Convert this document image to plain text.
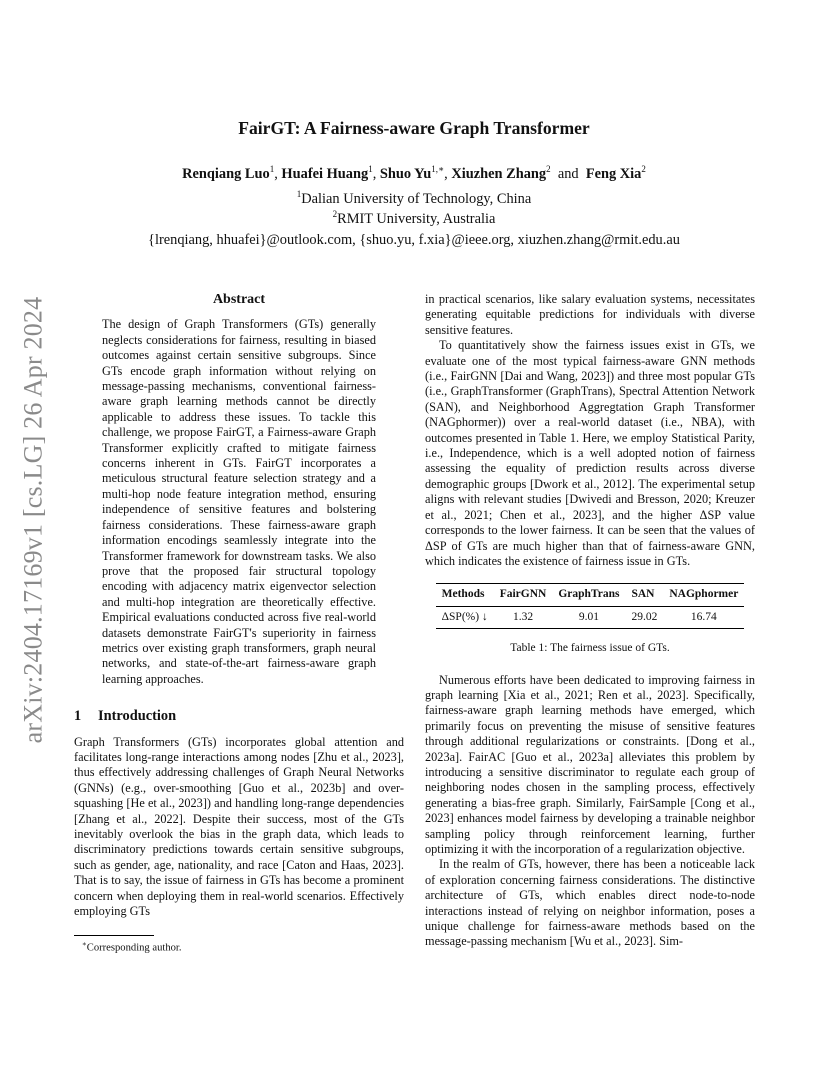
arXiv:2404.17169v1 [cs.LG] 26 Apr 2024
FairGT: A Fairness-aware Graph Transformer
Renqiang Luo$^1$, Huafei Huang$^1$, Shuo $Yu^{1,∗}$, Xiuzhen Zhang$^2$ and Feng Xia$^2$
$^1$Dalian University of Technology, China
$^2$RMIT University, Australia
{lrenqiang, hhuafei}@outlook.com, {shuo.yu, f.xia}@ieee.org, xiuzhen.zhang@rmit.edu.au

Abstract

The design of Graph Transformers (GTs) generally neglects considerations for fairness, resulting in biased outcomes against certain sensitive subgroups. Since GTs encode graph information without relying on message-passing mechanisms, conventional fairness-aware graph learning methods cannot be directly applicable to address these issues. To tackle this challenge, we propose FairGT, a Fairness-aware Graph Transformer explicitly crafted to mitigate fairness concerns inherent in GTs. FairGT incorporates a meticulous structural feature selection strategy and a multi-hop node feature integration method, ensuring independence of sensitive features and bolstering fairness considerations. These fairness-aware graph information encodings seamlessly integrate into the Transformer framework for downstream tasks. We also prove that the proposed fair structural topology encoding with adjacency matrix eigenvector selection and multi-hop integration are theoretically effective. Empirical evaluations conducted across five real-world datasets demonstrate FairGT's superiority in fairness metrics over existing graph transformers, graph neural networks, and state-of-the-art fairness-aware graph learning approaches.

1 Introduction

Graph Transformers (GTs) incorporates global attention and facilitates long-range interactions among nodes [Zhu et al., 2023], thus effectively addressing challenges of Graph Neural Networks (GNNs) (e.g., over-smoothing [Guo et al., 2023b] and over-squashing [He et al., 2023]) and handling long-range dependencies [Zhang et al., 2022]. Despite their success, most of the GTs inevitably overlook the bias in the graph data, which leads to discriminatory predictions towards certain sensitive subgroups, such as gender, age, nationality, and race [Caton and Haas, 2023]. That is to say, the issue of fairness in GTs has become a prominent concern when deploying them in real-world scenarios. Effectively employing GTs

in practical scenarios, like salary evaluation systems, necessitates generating equitable predictions for individuals with diverse sensitive features.

To quantitatively show the fairness issues exist in GTs, we evaluate one of the most typical fairness-aware GNN methods (i.e., FairGNN [Dai and Wang, 2023]) and three most popular GTs (i.e., GraphTransformer (GraphTrans), Spectral Attention Network (SAN), and Neighborhood Aggregtation Graph Transformer (NAGphormer)) over a real-world dataset (i.e., NBA), with outcomes presented in Table 1. Here, we employ Statistical Parity, i.e., Independence, which is a well adopted notion of fairness assessing the equality of prediction results across diverse demographic groups [Dwork et al., 2012]. The experimental setup aligns with relevant studies [Dwivedi and Bresson, 2020; Kreuzer et al., 2021; Chen et al., 2023], and the higher ΔSP value corresponds to the lower fairness. It can be seen that the values of ΔSP of GTs are much higher than that of fairness-aware GNN, which indicates the existence of fairness issue in GTs.

Methods	FairGNN	GraphTrans	SAN	NAGphormer
ΔSP(%) ↓	1.32	9.01	29.02	16.74

Table 1: The fairness issue of GTs.

Numerous efforts have been dedicated to improving fairness in graph learning [Xia et al., 2021; Ren et al., 2023]. Specifically, fairness-aware graph learning methods have emerged, which primarily focus on preventing the misuse of sensitive features through additional regularizations or constraints. [Dong et al., 2023a]. FairAC [Guo et al., 2023a] alleviates this problem by introducing a sensitive discriminator to regulate each group of neighboring nodes chosen in the sampling process, effectively generating a bias-free graph. Similarly, FairSample [Cong et al., 2023] enhances model fairness by developing a trainable neighbor sampling policy through reinforcement learning, further optimizing it with the incorporation of a regularization objective.

In the realm of GTs, however, there has been a noticeable lack of exploration concerning fairness considerations. The distinctive architecture of GTs, which enables direct node-to-node interactions instead of relying on neighbor information, poses a unique challenge for fairness-aware methods based on the message-passing mechanism [Wu et al., 2023]. Sim-

∗Corresponding author.
